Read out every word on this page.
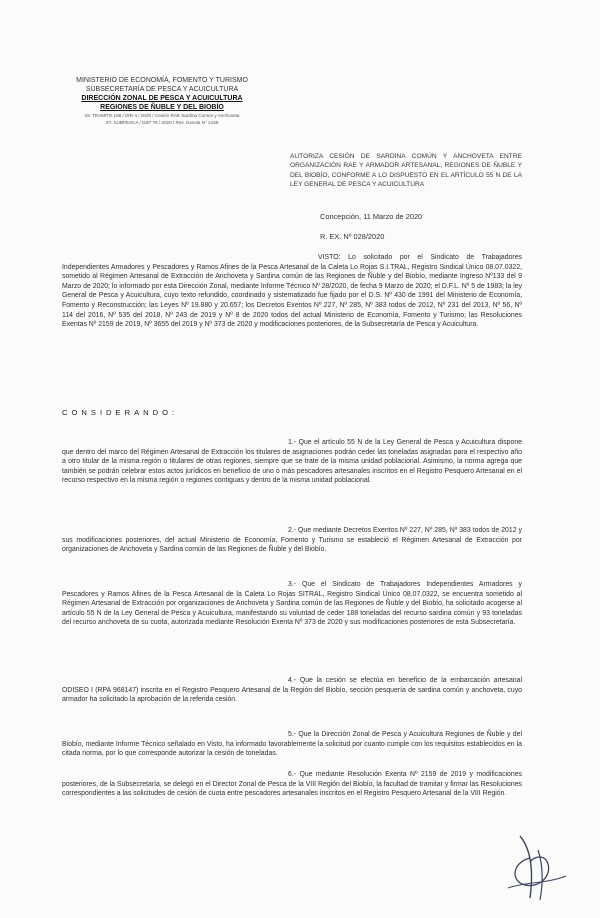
MINISTERIO DE ECONOMÍA, FOMENTO Y TURISMO
SUBSECRETARÍA DE PESCA Y ACUICULTURA
DIRECCIÓN ZONAL DE PESCA Y ACUICULTURA
REGIONES DE ÑUBLE Y DEL BIOBÍO
Int. TRAMITE 168 / IRR-4 / 2020 / Cesión RAE Sardina Común y Anchoveta
ST. SUBPESCA / DZP 78 / 2020 / Res. Exenta N° 2159
AUTORIZA CESIÓN DE SARDINA COMÚN Y ANCHOVETA ENTRE ORGANIZACIÓN RAE Y ARMADOR ARTESANAL, REGIONES DE ÑUBLE Y DEL BIOBÍO, CONFORME A LO DISPUESTO EN EL ARTÍCULO 55 N DE LA LEY GENERAL DE PESCA Y ACUICULTURA
Concepción, 11 Marzo de 2020
R. EX. Nº 028/2020

VISTO: Lo solicitado por el Sindicato de Trabajadores Independientes Armadores y Pescadores y Ramos Afines de la Pesca Artesanal de la Caleta Lo Rojas S.I.TRAL, Registro Sindical Único 08.07.0322, sometido al Régimen Artesanal de Extracción de Anchoveta y Sardina común de las Regiones de Ñuble y del Biobío, mediante Ingreso Nº133 del 9 Marzo de 2020; lo informado por esta Dirección Zonal, mediante Informe Técnico Nº 28/2020, de fecha 9 Marzo de 2020; el D.F.L. Nº 5 de 1983; la ley General de Pesca y Acuicultura, cuyo texto refundido, coordinado y sistematizado fue fijado por el D.S. Nº 430 de 1991 del Ministerio de Economía, Fomento y Reconstrucción; las Leyes Nº 19.880 y 20.657; los Decretos Exentos Nº 227, Nº 285, Nº 383 todos de 2012, Nº 231 del 2013, Nº 56, Nº 114 del 2016, Nº 535 del 2018, Nº 243 de 2019 y Nº 8 de 2020 todos del actual Ministerio de Economía, Fomento y Turismo; las Resoluciones Exentas Nº 2159 de 2019, Nº 3655 del 2019 y Nº 373 de 2020 y modificaciones posteriores, de la Subsecretaría de Pesca y Acuicultura.

CONSIDERANDO:

1.- Que el artículo 55 N de la Ley General de Pesca y Acuicultura dispone que dentro del marco del Régimen Artesanal de Extracción los titulares de asignaciones podrán ceder las toneladas asignadas para el respectivo año a otro titular de la misma región o titulares de otras regiones, siempre que se trate de la misma unidad poblacional. Asimismo, la norma agrega que también se podrán celebrar estos actos jurídicos en beneficio de uno o más pescadores artesanales inscritos en el Registro Pesquero Artesanal en el recurso respectivo en la misma región o regiones contiguas y dentro de la misma unidad poblacional.

2.- Que mediante Decretos Exentos Nº 227, Nº 285, Nº 383 todos de 2012 y sus modificaciones posteriores, del actual Ministerio de Economía, Fomento y Turismo se estableció el Régimen Artesanal de Extracción por organizaciones de Anchoveta y Sardina común de las Regiones de Ñuble y del Biobío.

3.- Que el Sindicato de Trabajadores Independientes Armadores y Pescadores y Ramos Afines de la Pesca Artesanal de la Caleta Lo Rojas SITRAL, Registro Sindical Único 08.07.0322, se encuentra sometido al Régimen Artesanal de Extracción por organizaciones de Anchoveta y Sardina común de las Regiones de Ñuble y del Biobío, ha solicitado acogerse al artículo 55 N de la Ley General de Pesca y Acuicultura, manifestando su voluntad de ceder 188 toneladas del recurso sardina común y 93 toneladas del recurso anchoveta de su cuota, autorizada mediante Resolución Exenta Nº 373 de 2020 y sus modificaciones posteriores de esta Subsecretaría.

4.- Que la cesión se efectúa en beneficio de la embarcación artesanal ODISEO I (RPA 968147) inscrita en el Registro Pesquero Artesanal de la Región del Biobío, sección pesquería de sardina común y anchoveta, cuyo armador ha solicitado la aprobación de la referida cesión.

5.- Que la Dirección Zonal de Pesca y Acuicultura Regiones de Ñuble y del Biobío, mediante Informe Técnico señalado en Visto, ha informado favorablemente la solicitud por cuanto cumple con los requisitos establecidos en la citada norma, por lo que corresponde autorizar la cesión de toneladas.

6.- Que mediante Resolución Exenta Nº 2159 de 2019 y modificaciones posteriores, de la Subsecretaría, se delegó en el Director Zonal de Pesca de la VIII Región del Biobío, la facultad de tramitar y firmar las Resoluciones correspondientes a las solicitudes de cesión de cuota entre pescadores artesanales inscritos en el Registro Pesquero Artesanal de la VIII Región.
